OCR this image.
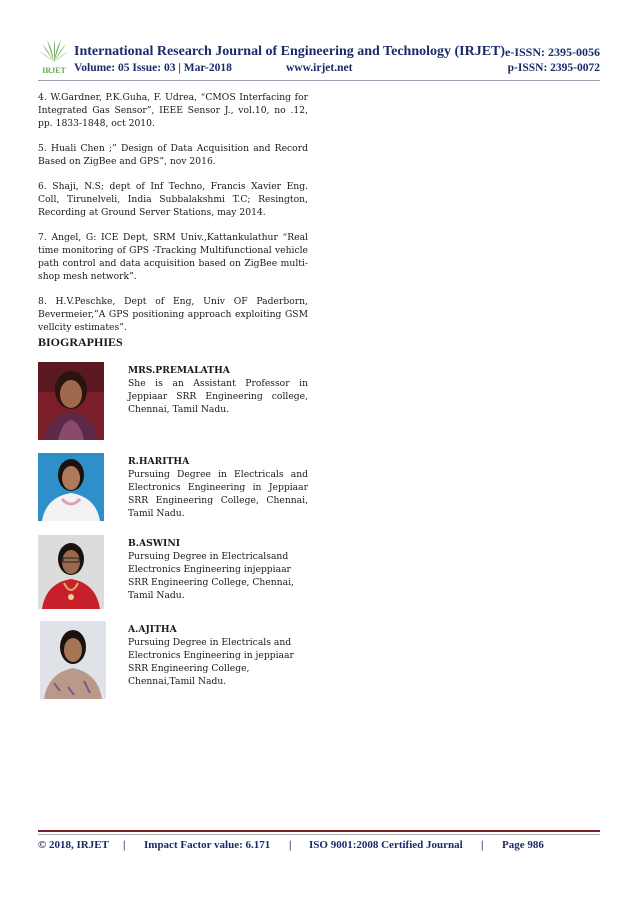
IRJET
International Research Journal of Engineering and Technology (IRJET) e-ISSN: 2395-0056
Volume: 05 Issue: 03 | Mar-2018	www.irjet.net	p-ISSN: 2395-0072

4. W.Gardner, P.K.Guha, F. Udrea, “CMOS Interfacing for Integrated Gas Sensor”, IEEE Sensor J., vol.10, no .12, pp. 1833-1848, oct 2010.

5. Huali Chen ;” Design of Data Acquisition and Record Based on ZigBee and GPS”, nov 2016.

6. Shaji, N.S; dept of Inf Techno, Francis Xavier Eng. Coll, Tirunelveli, India Subbalakshmi T.C; Resington, Recording at Ground Server Stations, may 2014.

7. Angel, G: ICE Dept, SRM Univ.,Kattankulathur “Real time monitoring of GPS -Tracking Multifunctional vehicle path control and data acquisition based on ZigBee multi-shop mesh network”.

8. H.V.Peschke, Dept of Eng, Univ OF Paderborn, Bevermeier,”A GPS positioning approach exploiting GSM vellcity estimates”.

BIOGRAPHIES
MRS.PREMALATHA
She is an Assistant Professor in Jeppiaar SRR Engineering college, Chennai, Tamil Nadu.
R.HARITHA
Pursuing Degree in Electricals and Electronics Engineering in Jeppiaar SRR Engineering College, Chennai, Tamil Nadu.
B.ASWINI
Pursuing Degree in Electricalsand Electronics Engineering injeppiaar SRR Engineering College, Chennai, Tamil Nadu.
A.AJITHA
Pursuing Degree in Electricals and Electronics Engineering in jeppiaar SRR Engineering College, Chennai,Tamil Nadu.
© 2018, IRJET | Impact Factor value: 6.171 | ISO 9001:2008 Certified Journal | Page 986
